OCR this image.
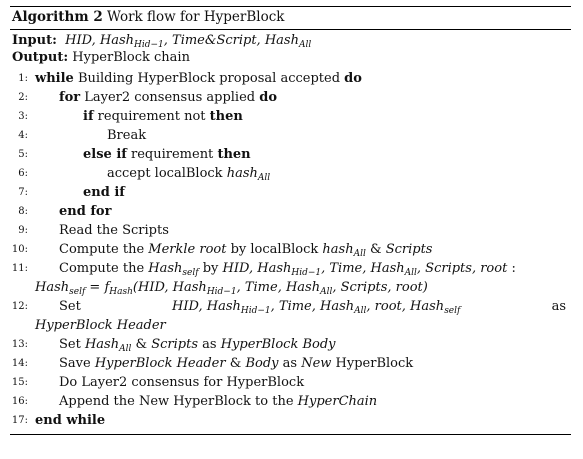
Algorithm 2 Work flow for HyperBlock
Input:  HID, Hash$_{Hid-1}$, Time&Script, Hash$_{All}$
Output: HyperBlock chain
1: while Building HyperBlock proposal accepted do
2: for Layer2 consensus applied do
3:	if requirement not then
4:	Break
5:	else if requirement then
6:	accept localBlock hash$_{All}$
7:	end if
8: end for
9: Read the Scripts
10: Compute the Merkle root by localBlock hash$_{All}$ & Scripts
11: Compute the Hash$_{self}$ by HID, Hash$_{Hid-1}$, Time, Hash$_{All}$, Scripts, root :
Hash$_{self}$ = $f_{Hash}(HID$, Hash$_{Hid-1}$, Time, Hash$_{All}$, Scripts, root)
12: Set	HID, Hash$_{Hid-1}$, Time, Hash$_{All}$, root, Hash$_{self}$	as
HyperBlock Header
13: Set Hash$_{All}$ & Scripts as HyperBlock Body
14: Save HyperBlock Header & Body as New HyperBlock
15: Do Layer2 consensus for HyperBlock
16: Append the New HyperBlock to the HyperChain
17: end while
